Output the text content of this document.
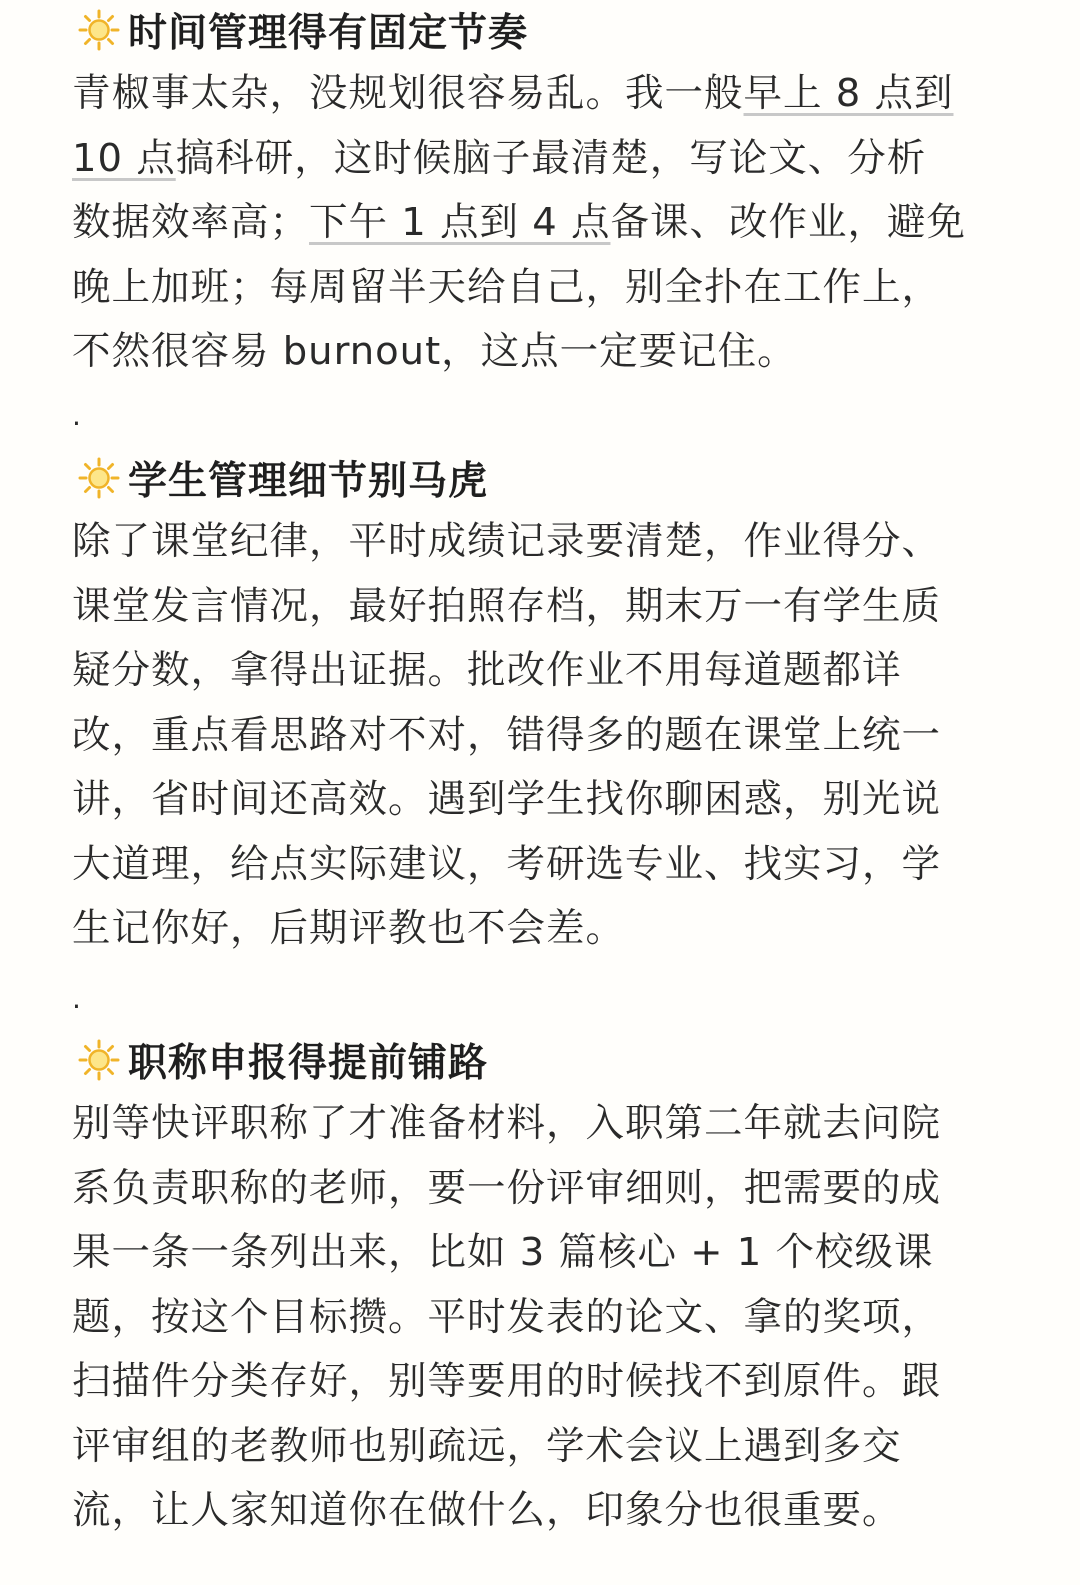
时间管理得有固定节奏
青椒事太杂，没规划很容易乱。我一般早上 8 点到
10 点搞科研，这时候脑子最清楚，写论文、分析
数据效率高；下午 1 点到 4 点备课、改作业，避免
晚上加班；每周留半天给自己，别全扑在工作上，
不然很容易 burnout，这点一定要记住。
.
学生管理细节别马虎
除了课堂纪律，平时成绩记录要清楚，作业得分、
课堂发言情况，最好拍照存档，期末万一有学生质
疑分数，拿得出证据。批改作业不用每道题都详
改，重点看思路对不对，错得多的题在课堂上统一
讲，省时间还高效。遇到学生找你聊困惑，别光说
大道理，给点实际建议，考研选专业、找实习，学
生记你好，后期评教也不会差。
.
职称申报得提前铺路
别等快评职称了才准备材料，入职第二年就去问院
系负责职称的老师，要一份评审细则，把需要的成
果一条一条列出来，比如 3 篇核心 + 1 个校级课
题，按这个目标攒。平时发表的论文、拿的奖项，
扫描件分类存好，别等要用的时候找不到原件。跟
评审组的老教师也别疏远，学术会议上遇到多交
流，让人家知道你在做什么，印象分也很重要。
